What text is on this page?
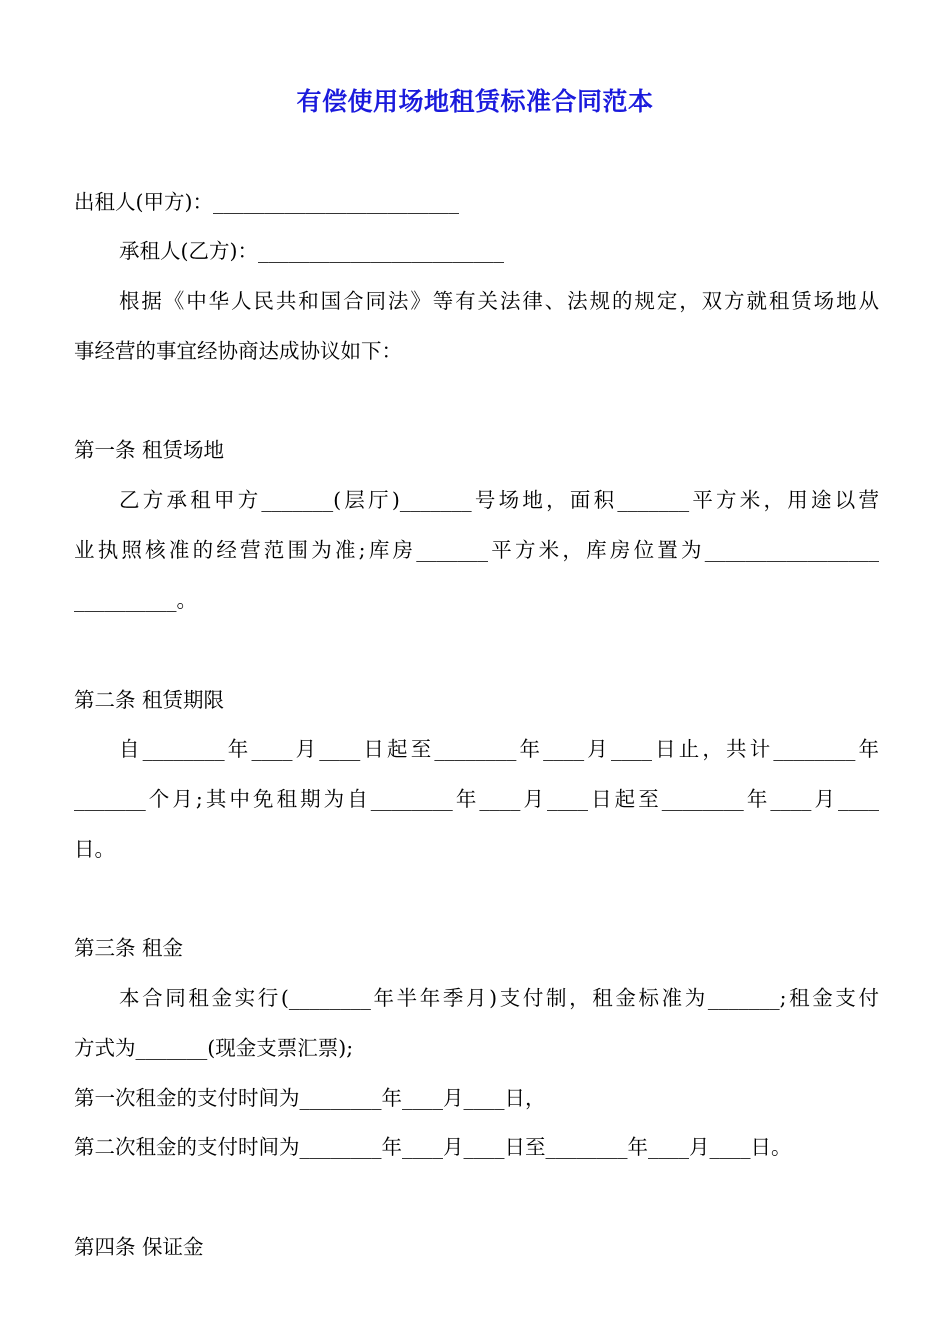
有偿使用场地租赁标准合同范本
出租人(甲方)：________________________
承租人(乙方)：________________________
根据《中华人民共和国合同法》等有关法律、法规的规定，双方就租赁场地从
事经营的事宜经协商达成协议如下：
第一条 租赁场地
乙方承租甲方_______(层厅)_______号场地，面积_______平方米，用途以营
业执照核准的经营范围为准;库房_______平方米，库房位置为_________________
__________。
第二条 租赁期限
自________年____月____日起至________年____月____日止，共计________年
_______个月;其中免租期为自________年____月____日起至________年____月____
日。
第三条 租金
本合同租金实行(________年半年季月)支付制，租金标准为_______;租金支付
方式为_______(现金支票汇票);
第一次租金的支付时间为________年____月____日，
第二次租金的支付时间为________年____月____日至________年____月____日。
第四条 保证金
